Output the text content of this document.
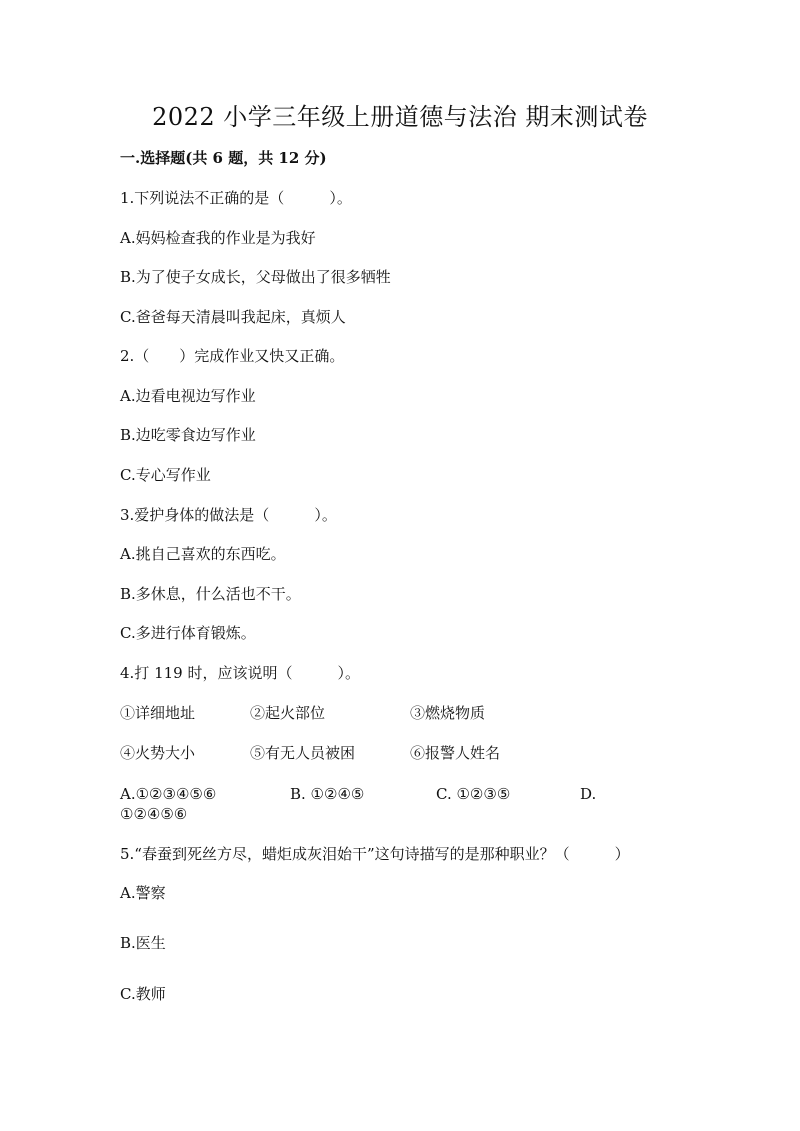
2022 小学三年级上册道德与法治 期末测试卷
一.选择题(共 6 题，共 12 分)
1.下列说法不正确的是（　　　）。
A.妈妈检查我的作业是为我好
B.为了使子女成长，父母做出了很多牺牲
C.爸爸每天清晨叫我起床，真烦人
2.（　　）完成作业又快又正确。
A.边看电视边写作业
B.边吃零食边写作业
C.专心写作业
3.爱护身体的做法是（　　　）。
A.挑自己喜欢的东西吃。
B.多休息，什么活也不干。
C.多进行体育锻炼。
4.打 119 时，应该说明（　　　）。
①详细地址	②起火部位	③燃烧物质
④火势大小	⑤有无人员被困	⑥报警人姓名
A.①②③④⑤⑥	B. ①②④⑤	C. ①②③⑤	D.
①②④⑤⑥
5.“春蚕到死丝方尽，蜡炬成灰泪始干”这句诗描写的是那种职业？（　　　）
A.警察
B.医生
C.教师
